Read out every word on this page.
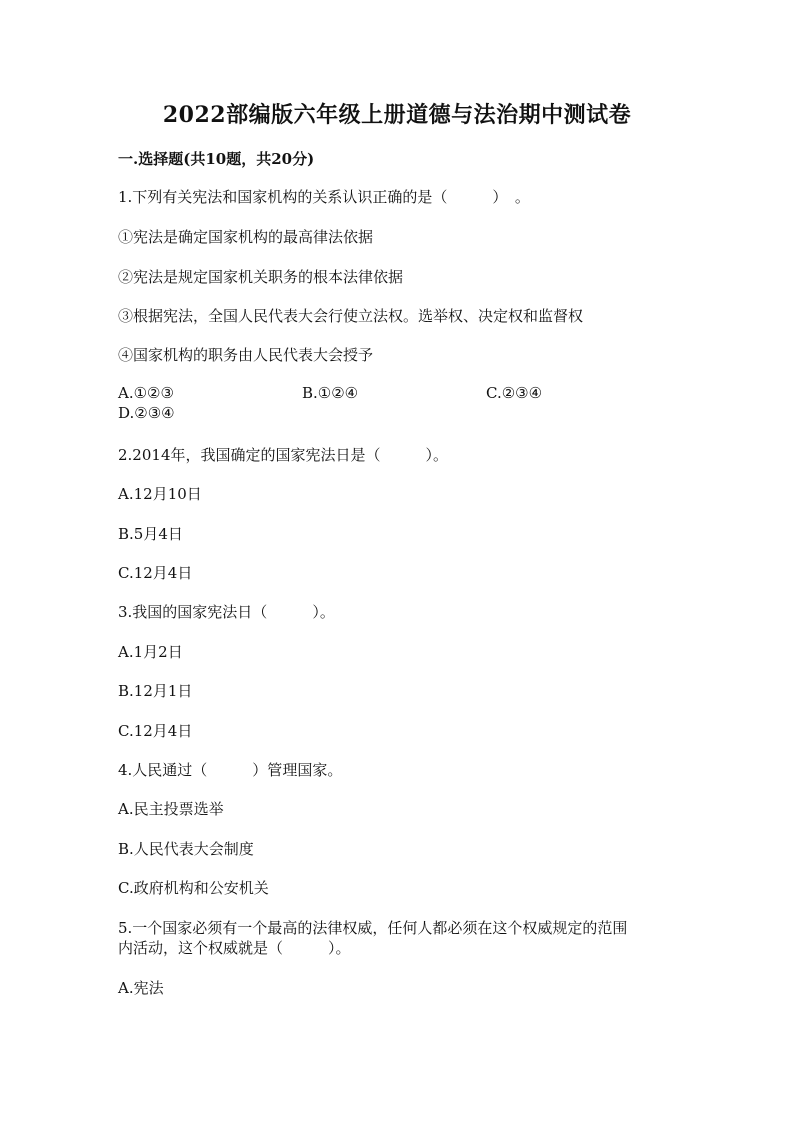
2022部编版六年级上册道德与法治期中测试卷
一.选择题(共10题，共20分)
1.下列有关宪法和国家机构的关系认识正确的是（　　　）　。
①宪法是确定国家机构的最高律法依据
②宪法是规定国家机关职务的根本法律依据
③根据宪法，全国人民代表大会行使立法权。选举权、决定权和监督权
④国家机构的职务由人民代表大会授予
A.①②③	B.①②④	C.②③④
D.②③④
2.2014年，我国确定的国家宪法日是（　　　）。
A.12月10日
B.5月4日
C.12月4日
3.我国的国家宪法日（　　　）。
A.1月2日
B.12月1日
C.12月4日
4.人民通过（　　　）管理国家。
A.民主投票选举
B.人民代表大会制度
C.政府机构和公安机关
5.一个国家必须有一个最高的法律权威，任何人都必须在这个权威规定的范围
内活动，这个权威就是（　　　）。
A.宪法
